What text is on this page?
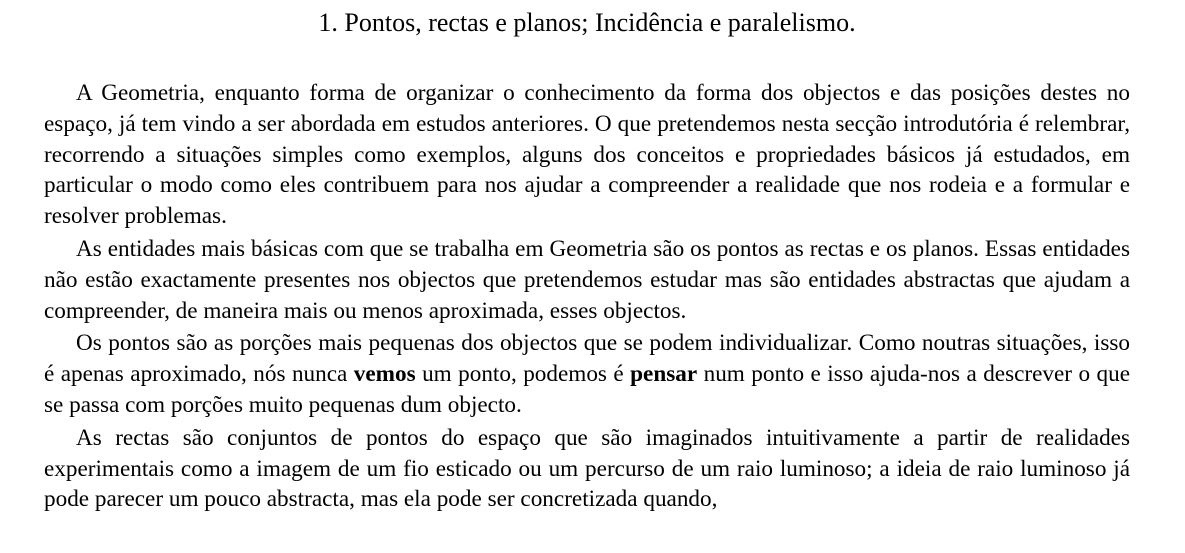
1. Pontos, rectas e planos; Incidência e paralelismo.

A Geometria, enquanto forma de organizar o conhecimento da forma dos objectos e das posições destes no espaço, já tem vindo a ser abordada em estudos anteriores. O que pretendemos nesta secção introdutória é relembrar, recorrendo a situações simples como exemplos, alguns dos conceitos e propriedades básicos já estudados, em particular o modo como eles contribuem para nos ajudar a compreender a realidade que nos rodeia e a formular e resolver problemas.

As entidades mais básicas com que se trabalha em Geometria são os pontos as rectas e os planos. Essas entidades não estão exactamente presentes nos objectos que pretendemos estudar mas são entidades abstractas que ajudam a compreender, de maneira mais ou menos aproximada, esses objectos.

Os pontos são as porções mais pequenas dos objectos que se podem individualizar. Como noutras situações, isso é apenas aproximado, nós nunca vemos um ponto, podemos é pensar num ponto e isso ajuda-nos a descrever o que se passa com porções muito pequenas dum objecto.

As rectas são conjuntos de pontos do espaço que são imaginados intuitivamente a partir de realidades experimentais como a imagem de um fio esticado ou um percurso de um raio luminoso; a ideia de raio luminoso já pode parecer um pouco abstracta, mas ela pode ser concretizada quando,
